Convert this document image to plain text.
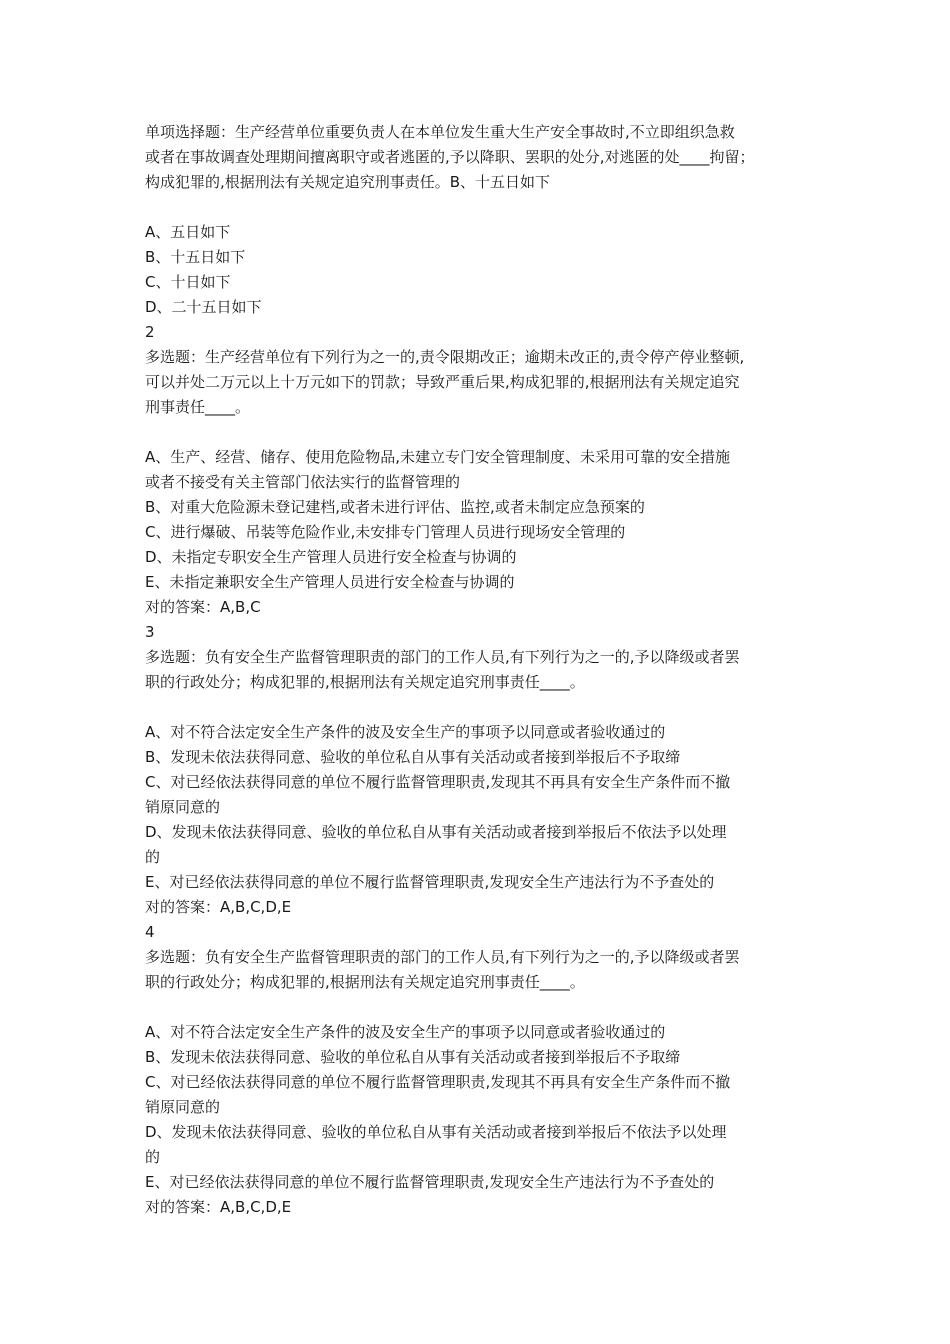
单项选择题：生产经营单位重要负责人在本单位发生重大生产安全事故时,不立即组织急救
或者在事故调查处理期间擅离职守或者逃匿的,予以降职、罢职的处分,对逃匿的处____拘留；
构成犯罪的,根据刑法有关规定追究刑事责任。B、十五日如下
A、五日如下
B、十五日如下
C、十日如下
D、二十五日如下
2
多选题：生产经营单位有下列行为之一的,责令限期改正；逾期未改正的,责令停产停业整顿,
可以并处二万元以上十万元如下的罚款；导致严重后果,构成犯罪的,根据刑法有关规定追究
刑事责任____。
A、生产、经营、储存、使用危险物品,未建立专门安全管理制度、未采用可靠的安全措施
或者不接受有关主管部门依法实行的监督管理的
B、对重大危险源未登记建档,或者未进行评估、监控,或者未制定应急预案的
C、进行爆破、吊装等危险作业,未安排专门管理人员进行现场安全管理的
D、未指定专职安全生产管理人员进行安全检查与协调的
E、未指定兼职安全生产管理人员进行安全检查与协调的
对的答案：A,B,C
3
多选题：负有安全生产监督管理职责的部门的工作人员,有下列行为之一的,予以降级或者罢
职的行政处分；构成犯罪的,根据刑法有关规定追究刑事责任____。
A、对不符合法定安全生产条件的波及安全生产的事项予以同意或者验收通过的
B、发现未依法获得同意、验收的单位私自从事有关活动或者接到举报后不予取缔
C、对已经依法获得同意的单位不履行监督管理职责,发现其不再具有安全生产条件而不撤
销原同意的
D、发现未依法获得同意、验收的单位私自从事有关活动或者接到举报后不依法予以处理
的
E、对已经依法获得同意的单位不履行监督管理职责,发现安全生产违法行为不予查处的
对的答案：A,B,C,D,E
4
多选题：负有安全生产监督管理职责的部门的工作人员,有下列行为之一的,予以降级或者罢
职的行政处分；构成犯罪的,根据刑法有关规定追究刑事责任____。
A、对不符合法定安全生产条件的波及安全生产的事项予以同意或者验收通过的
B、发现未依法获得同意、验收的单位私自从事有关活动或者接到举报后不予取缔
C、对已经依法获得同意的单位不履行监督管理职责,发现其不再具有安全生产条件而不撤
销原同意的
D、发现未依法获得同意、验收的单位私自从事有关活动或者接到举报后不依法予以处理
的
E、对已经依法获得同意的单位不履行监督管理职责,发现安全生产违法行为不予查处的
对的答案：A,B,C,D,E
